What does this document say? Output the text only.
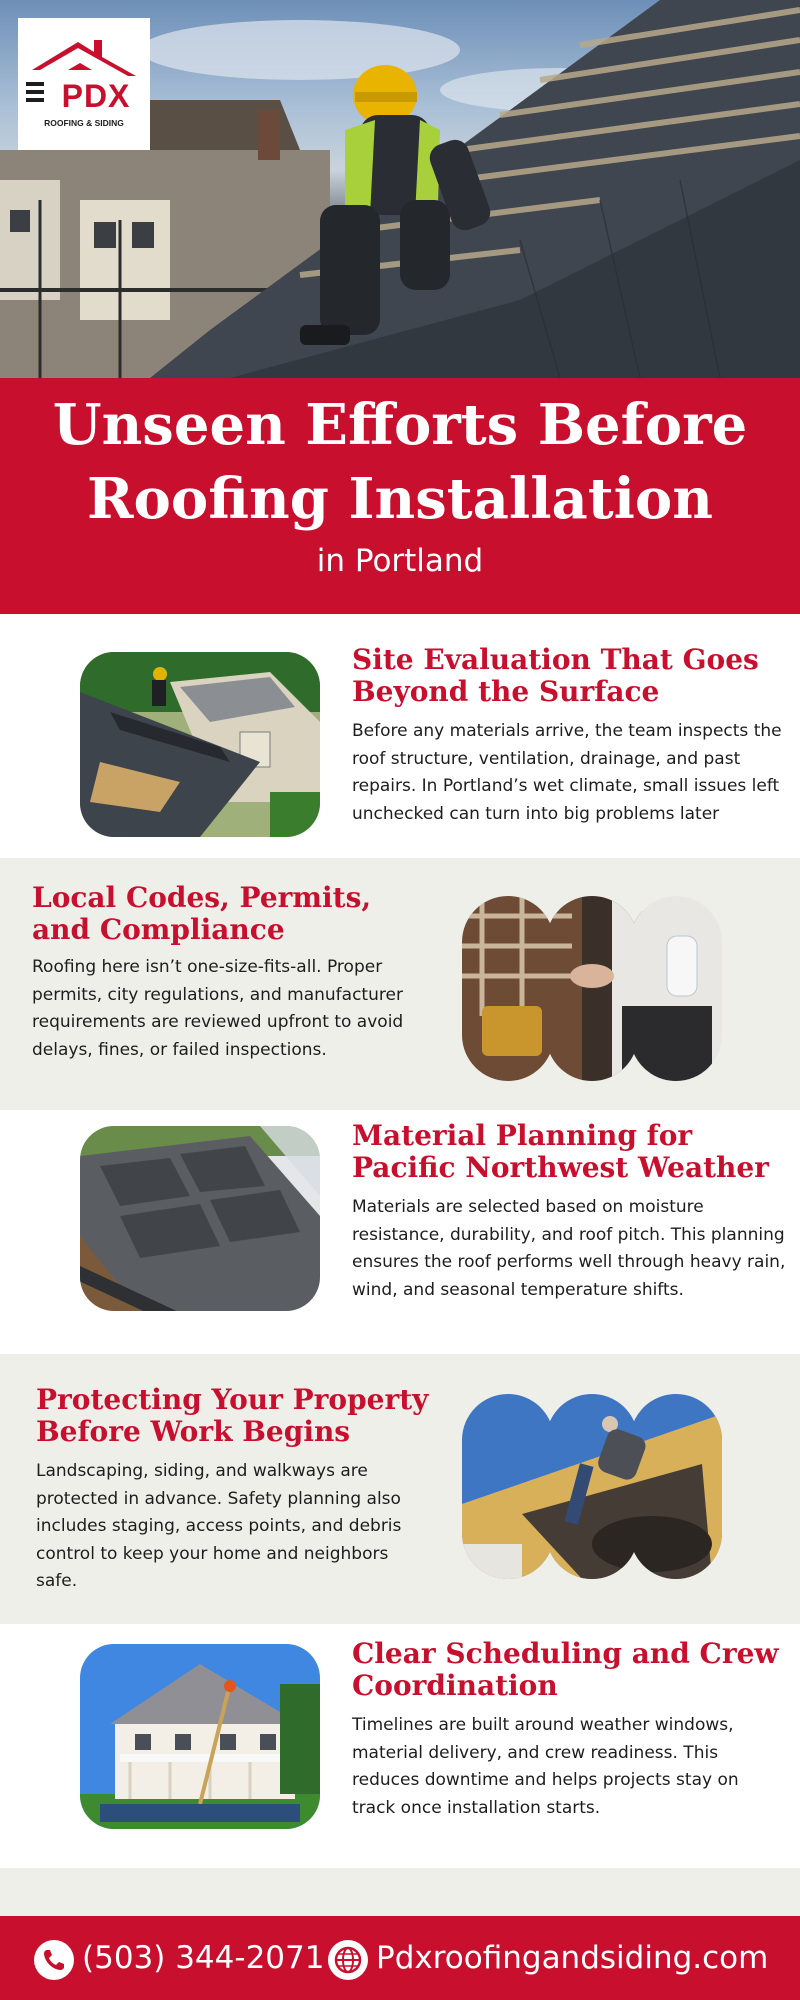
PDX
ROOFING & SIDING
Unseen Efforts Before Roofing Installation
in Portland
Site Evaluation That Goes Beyond the Surface
Before any materials arrive, the team inspects the roof structure, ventilation, drainage, and past repairs. In Portland’s wet climate, small issues left unchecked can turn into big problems later
Local Codes, Permits, and Compliance
Roofing here isn’t one-size-fits-all. Proper permits, city regulations, and manufacturer requirements are reviewed upfront to avoid delays, fines, or failed inspections.
Material Planning for Pacific Northwest Weather
Materials are selected based on moisture resistance, durability, and roof pitch. This planning ensures the roof performs well through heavy rain, wind, and seasonal temperature shifts.
Protecting Your Property Before Work Begins
Landscaping, siding, and walkways are protected in advance. Safety planning also includes staging, access points, and debris control to keep your home and neighbors safe.
Clear Scheduling and Crew Coordination
Timelines are built around weather windows, material delivery, and crew readiness. This reduces downtime and helps projects stay on track once installation starts.
(503) 344-2071 Pdxroofingandsiding.com
